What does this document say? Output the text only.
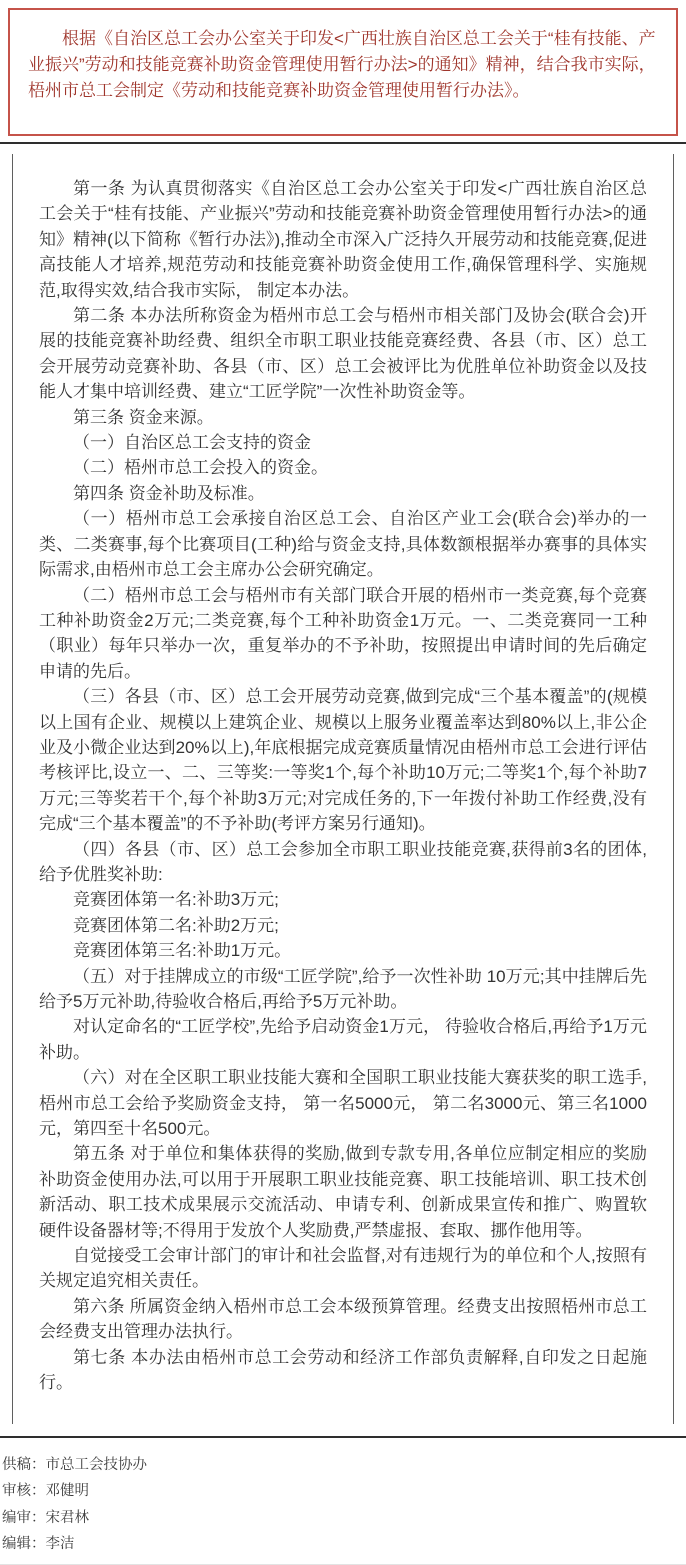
根据《自治区总工会办公室关于印发<广西壮族自治区总工会关于“桂有技能、产业振兴”劳动和技能竞赛补助资金管理使用暂行办法>的通知》精神，结合我市实际，梧州市总工会制定《劳动和技能竞赛补助资金管理使用暂行办法》。

第一条 为认真贯彻落实《自治区总工会办公室关于印发<广西壮族自治区总工会关于“桂有技能、产业振兴”劳动和技能竞赛补助资金管理使用暂行办法>的通知》精神(以下简称《暂行办法》),推动全市深入广泛持久开展劳动和技能竞赛,促进高技能人才培养,规范劳动和技能竞赛补助资金使用工作,确保管理科学、实施规范,取得实效,结合我市实际， 制定本办法。

第二条 本办法所称资金为梧州市总工会与梧州市相关部门及协会(联合会)开展的技能竞赛补助经费、组织全市职工职业技能竞赛经费、各县（市、区）总工会开展劳动竞赛补助、各县（市、区）总工会被评比为优胜单位补助资金以及技能人才集中培训经费、建立“工匠学院”一次性补助资金等。

第三条 资金来源。

（一）自治区总工会支持的资金

（二）梧州市总工会投入的资金。

第四条 资金补助及标准。

（一）梧州市总工会承接自治区总工会、自治区产业工会(联合会)举办的一类、二类赛事,每个比赛项目(工种)给与资金支持,具体数额根据举办赛事的具体实际需求,由梧州市总工会主席办公会研究确定。

（二）梧州市总工会与梧州市有关部门联合开展的梧州市一类竞赛,每个竞赛工种补助资金2万元;二类竞赛,每个工种补助资金1万元。一、二类竞赛同一工种（职业）每年只举办一次，重复举办的不予补助，按照提出申请时间的先后确定申请的先后。

（三）各县（市、区）总工会开展劳动竞赛,做到完成“三个基本覆盖”的(规模以上国有企业、规模以上建筑企业、规模以上服务业覆盖率达到80%以上,非公企业及小微企业达到20%以上),年底根据完成竞赛质量情况由梧州市总工会进行评估考核评比,设立一、二、三等奖:一等奖1个,每个补助10万元;二等奖1个,每个补助7万元;三等奖若干个,每个补助3万元;对完成任务的,下一年拨付补助工作经费,没有完成“三个基本覆盖”的不予补助(考评方案另行通知)。

（四）各县（市、区）总工会参加全市职工职业技能竞赛,获得前3名的团体,给予优胜奖补助:

竞赛团体第一名:补助3万元;

竞赛团体第二名:补助2万元;

竞赛团体第三名:补助1万元。

（五）对于挂牌成立的市级“工匠学院”,给予一次性补助 10万元;其中挂牌后先给予5万元补助,待验收合格后,再给予5万元补助。

对认定命名的“工匠学校”,先给予启动资金1万元， 待验收合格后,再给予1万元补助。

（六）对在全区职工职业技能大赛和全国职工职业技能大赛获奖的职工选手,梧州市总工会给予奖励资金支持， 第一名5000元， 第二名3000元、第三名1000元，第四至十名500元。

第五条 对于单位和集体获得的奖励,做到专款专用,各单位应制定相应的奖励补助资金使用办法,可以用于开展职工职业技能竞赛、职工技能培训、职工技术创新活动、职工技术成果展示交流活动、申请专利、创新成果宣传和推广、购置软硬件设备器材等;不得用于发放个人奖励费,严禁虚报、套取、挪作他用等。

自觉接受工会审计部门的审计和社会监督,对有违规行为的单位和个人,按照有关规定追究相关责任。

第六条 所属资金纳入梧州市总工会本级预算管理。经费支出按照梧州市总工会经费支出管理办法执行。

第七条 本办法由梧州市总工会劳动和经济工作部负责解释,自印发之日起施行。

供稿：市总工会技协办
审核：邓健明
编审：宋君林
编辑：李洁
